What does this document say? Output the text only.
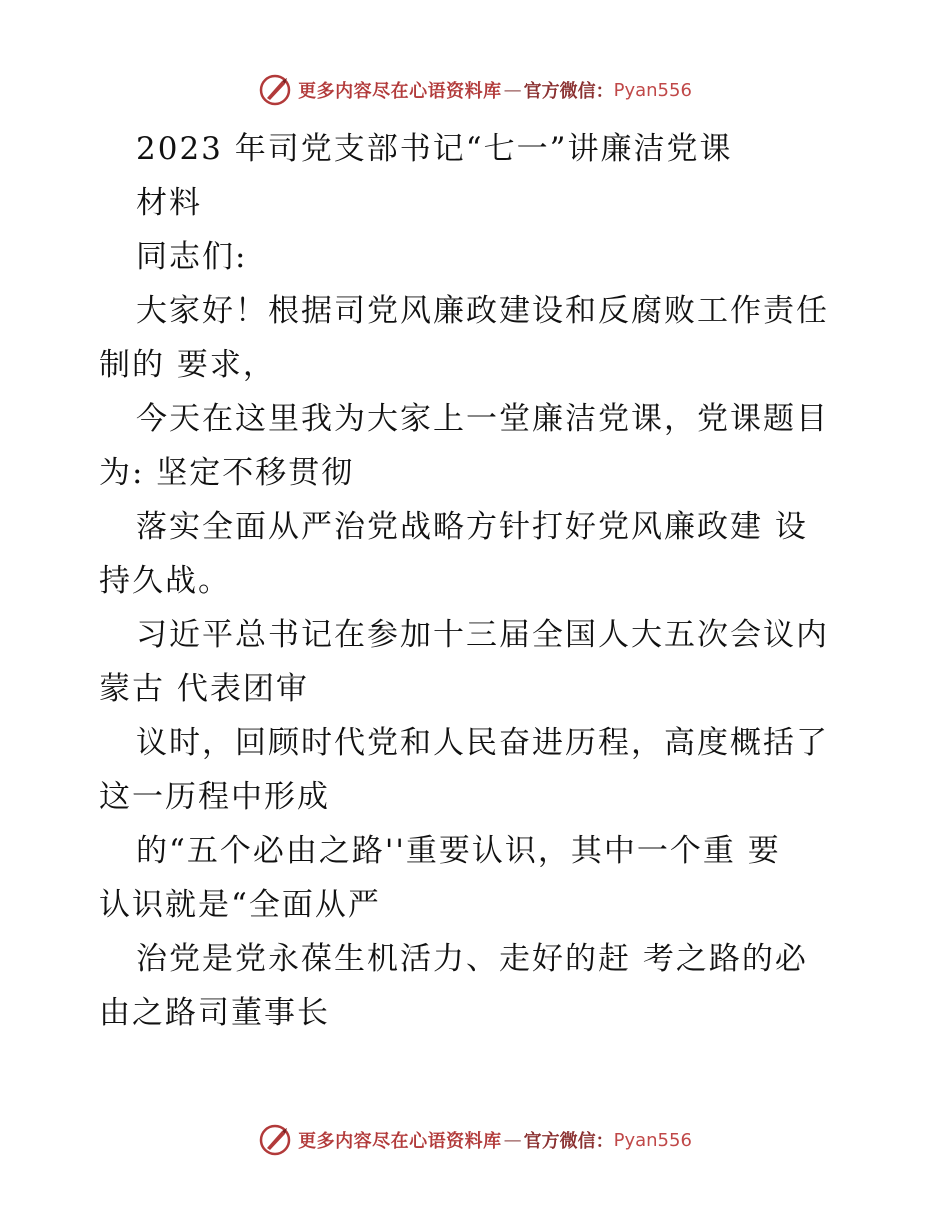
更多内容尽在心语资料库 — 官方微信： Pyan556

2023 年司党支部书记“七一”讲廉洁党课

材料

同志们:

大家好！根据司党风廉政建设和反腐败工作责任
制的 要求，

今天在这里我为大家上一堂廉洁党课，党课题目
为: 坚定不移贯彻

落实全面从严治党战略方针打好党风廉政建 设
持久战。

习近平总书记在参加十三届全国人大五次会议内
蒙古 代表团审

议时，回顾时代党和人民奋进历程，高度概括了
这一历程中形成

的“五个必由之路''重要认识，其中一个重 要
认识就是“全面从严

治党是党永葆生机活力、走好的赶 考之路的必
由之路司董事长

更多内容尽在心语资料库 — 官方微信： Pyan556
